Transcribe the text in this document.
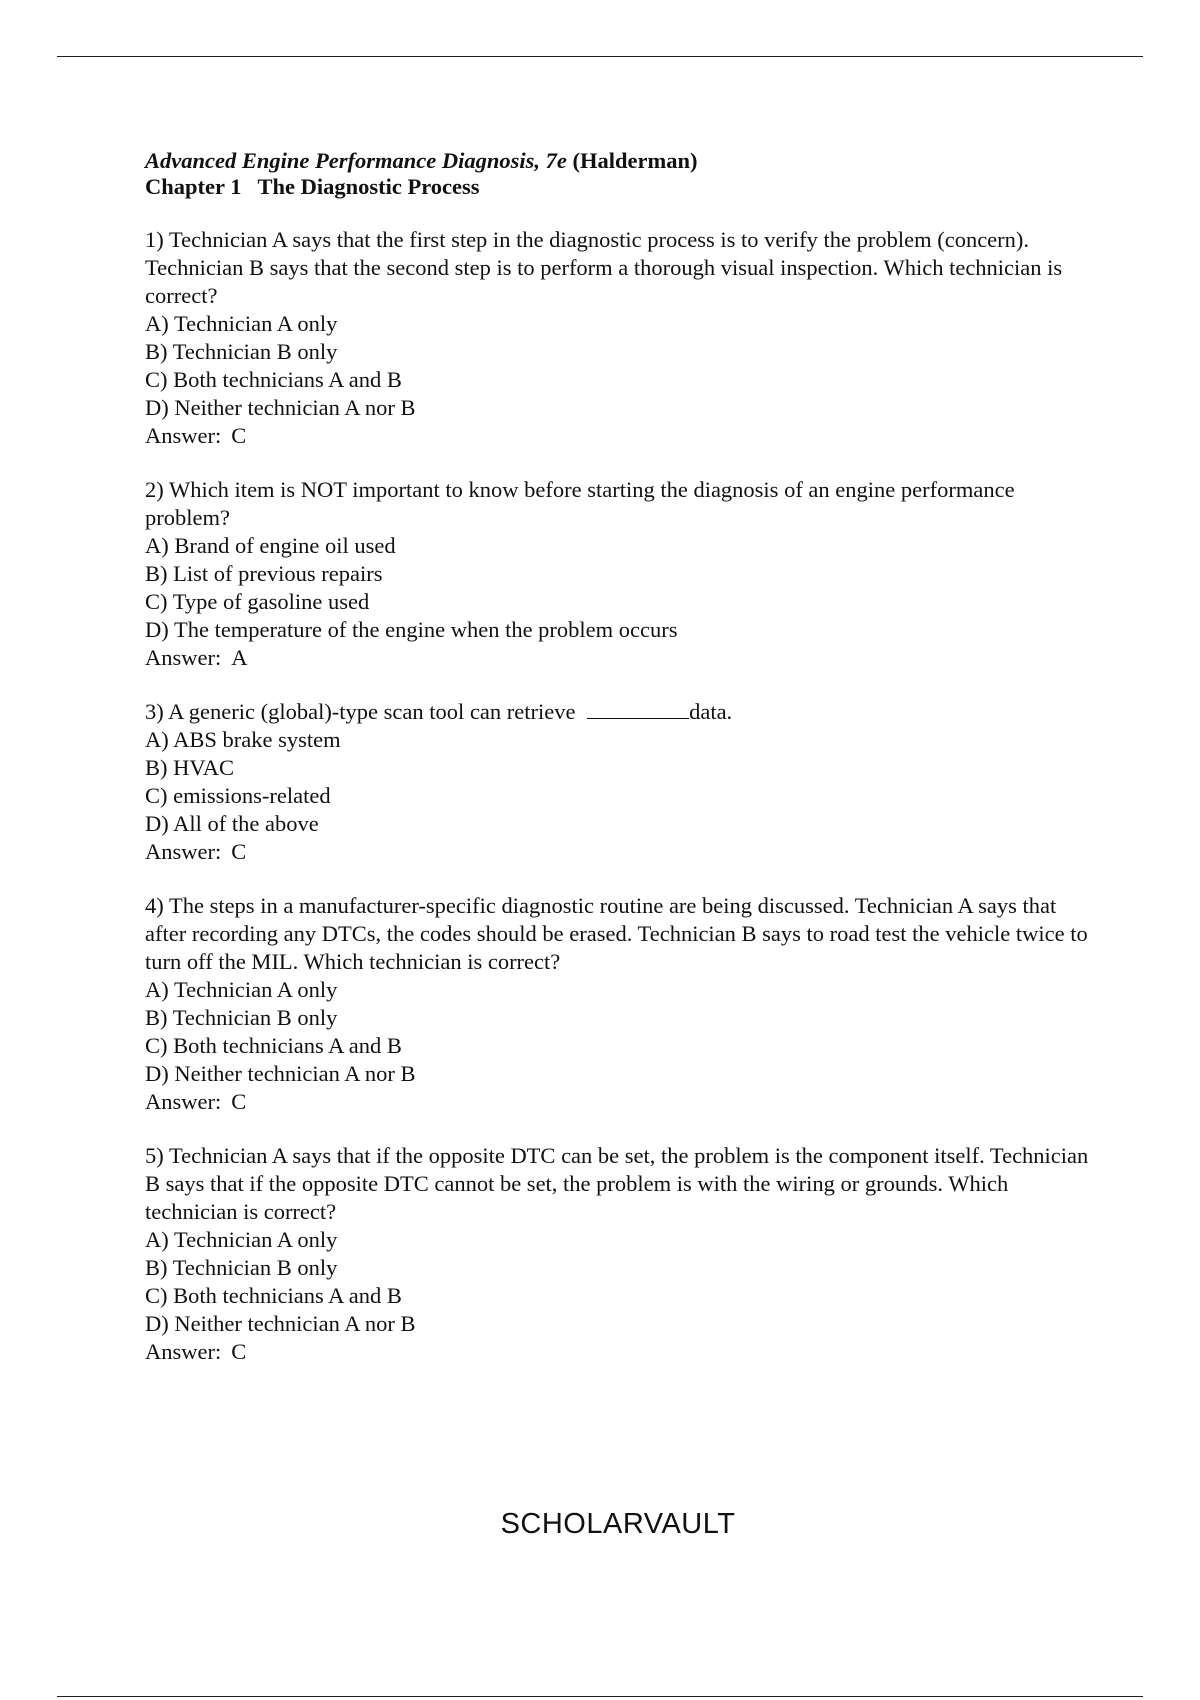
Advanced Engine Performance Diagnosis, 7e (Halderman)
Chapter 1 The Diagnostic Process
1) Technician A says that the first step in the diagnostic process is to verify the problem (concern). Technician B says that the second step is to perform a thorough visual inspection. Which technician is correct?
A) Technician A only
B) Technician B only
C) Both technicians A and B
D) Neither technician A nor B
Answer: C
2) Which item is NOT important to know before starting the diagnosis of an engine performance problem?
A) Brand of engine oil used
B) List of previous repairs
C) Type of gasoline used
D) The temperature of the engine when the problem occurs
Answer: A
3) A generic (global)-type scan tool can retrieve	data.
A) ABS brake system
B) HVAC
C) emissions-related
D) All of the above
Answer: C
4) The steps in a manufacturer-specific diagnostic routine are being discussed. Technician A says that after recording any DTCs, the codes should be erased. Technician B says to road test the vehicle twice to turn off the MIL. Which technician is correct?
A) Technician A only
B) Technician B only
C) Both technicians A and B
D) Neither technician A nor B
Answer: C
5) Technician A says that if the opposite DTC can be set, the problem is the component itself. Technician B says that if the opposite DTC cannot be set, the problem is with the wiring or grounds. Which technician is correct?
A) Technician A only
B) Technician B only
C) Both technicians A and B
D) Neither technician A nor B
Answer: C
SCHOLARVAULT
